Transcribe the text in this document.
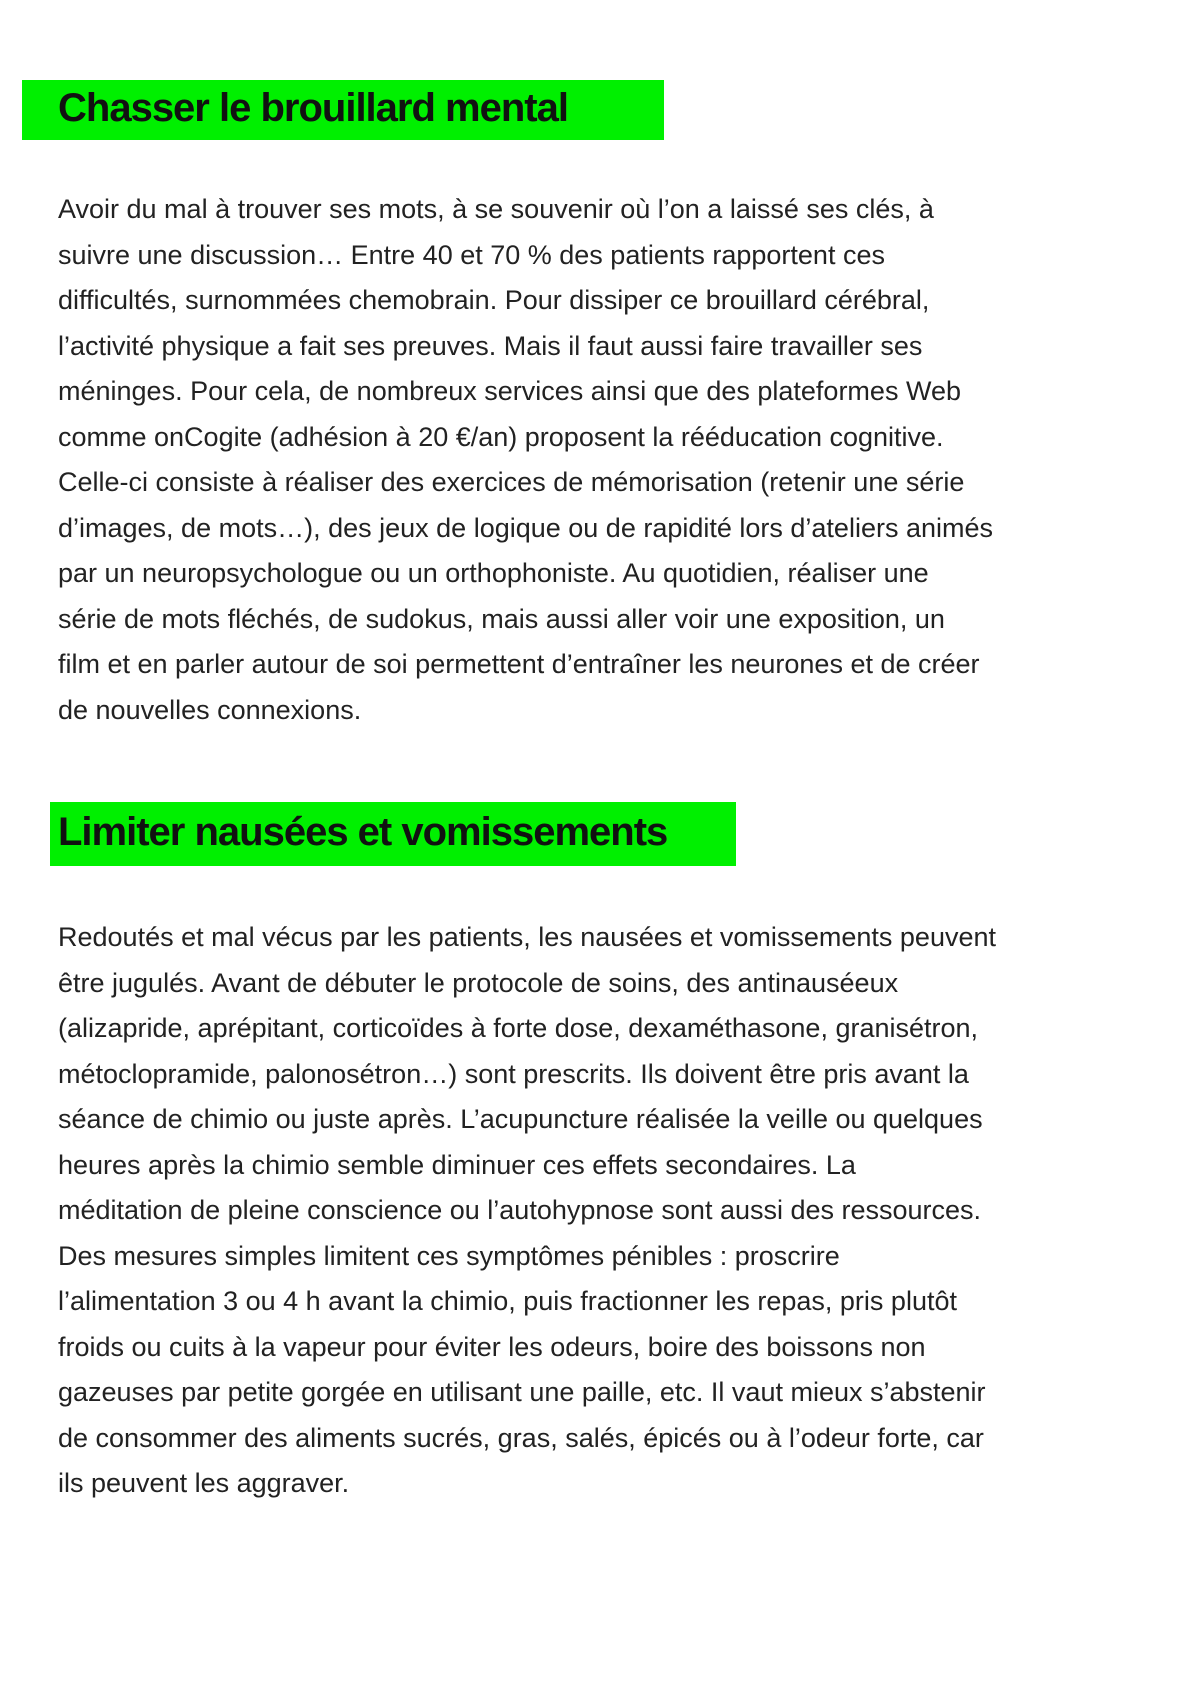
Chasser le brouillard mental
Avoir du mal à trouver ses mots, à se souvenir où l’on a laissé ses clés, à
suivre une discussion… Entre 40 et 70 % des patients rapportent ces
difficultés, surnommées chemobrain. Pour dissiper ce brouillard cérébral,
l’activité physique a fait ses preuves. Mais il faut aussi faire travailler ses
méninges. Pour cela, de nombreux services ainsi que des plateformes Web
comme onCogite (adhésion à 20 €/an) proposent la rééducation cognitive.
Celle-ci consiste à réaliser des exercices de mémorisation (retenir une série
d’images, de mots…), des jeux de logique ou de rapidité lors d’ateliers animés
par un neuropsychologue ou un orthophoniste. Au quotidien, réaliser une
série de mots fléchés, de sudokus, mais aussi aller voir une exposition, un
film et en parler autour de soi permettent d’entraîner les neurones et de créer
de nouvelles connexions.
Limiter nausées et vomissements
Redoutés et mal vécus par les patients, les nausées et vomissements peuvent
être jugulés. Avant de débuter le protocole de soins, des antinauséeux
(alizapride, aprépitant, corticoïdes à forte dose, dexaméthasone, granisétron,
métoclopramide, palonosétron…) sont prescrits. Ils doivent être pris avant la
séance de chimio ou juste après. L’acupuncture réalisée la veille ou quelques
heures après la chimio semble diminuer ces effets secondaires. La
méditation de pleine conscience ou l’autohypnose sont aussi des ressources.
Des mesures simples limitent ces symptômes pénibles : proscrire
l’alimentation 3 ou 4 h avant la chimio, puis fractionner les repas, pris plutôt
froids ou cuits à la vapeur pour éviter les odeurs, boire des boissons non
gazeuses par petite gorgée en utilisant une paille, etc. Il vaut mieux s’abstenir
de consommer des aliments sucrés, gras, salés, épicés ou à l’odeur forte, car
ils peuvent les aggraver.
